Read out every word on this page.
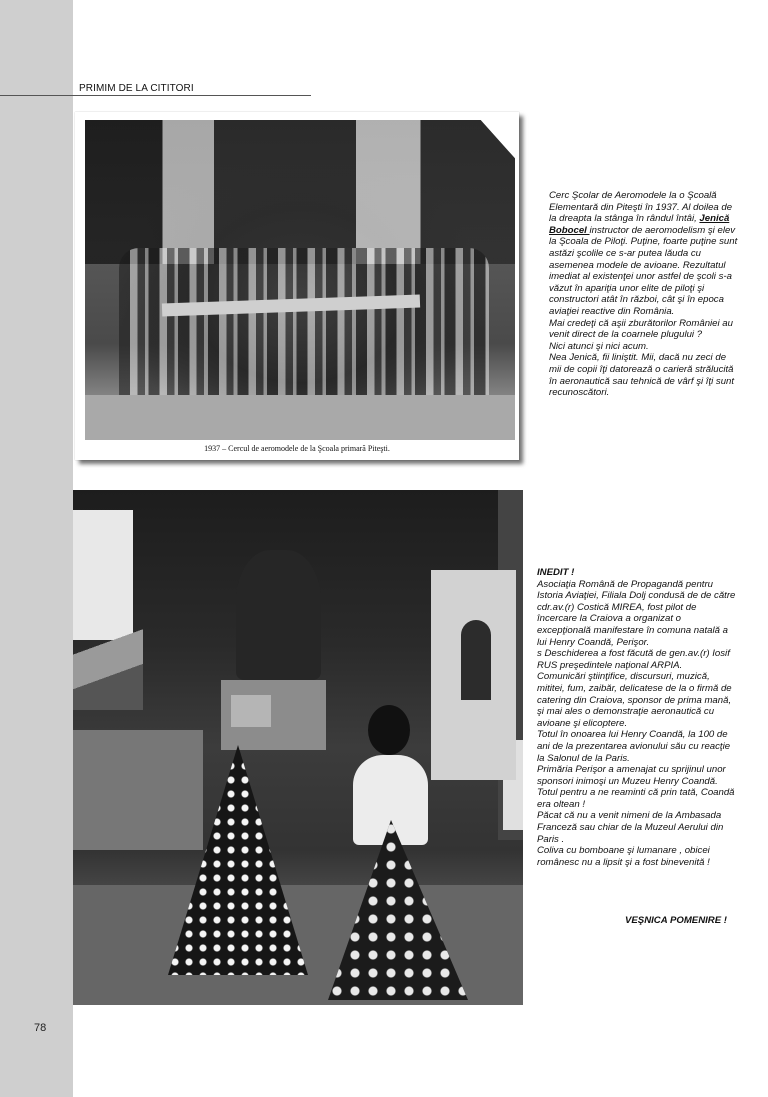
PRIMIM DE LA CITITORI
1937 – Cercul de aeromodele de la Şcoala primară Piteşti.

Cerc Şcolar de Aeromodele la o Şcoală Elementară din Piteşti în 1937. Al doilea de la dreapta la stânga în rândul întâi, Jenică Bobocel instructor de aeromodelism şi elev la Şcoala de Piloţi. Puţine, foarte puţine sunt astăzi şcolile ce s-ar putea lăuda cu asemenea modele de avioane. Rezultatul imediat al existenţei unor astfel de şcoli s-a văzut în apariţia unor elite de piloţi şi

constructori atât în război, cât şi în epoca aviaţiei reactive din România.

Mai credeţi că aşii zburătorilor României au venit direct de la coarnele plugului ?

Nici atunci şi nici acum.

Nea Jenică, fii liniştit. Mii, dacă nu zeci de mii de copii îţi datorează o carieră strălucită în aeronautică sau tehnică de vârf şi îţi sunt recunoscători.

INEDIT !

Asociaţia Română de Propagandă pentru Istoria Aviaţiei, Filiala Dolj condusă de de către cdr.av.(r) Costică MIREA, fost pilot de încercare la Craiova a organizat o excepţională manifestare în comuna natală a lui Henry Coandă, Perişor.

s Deschiderea a fost făcută de gen.av.(r) Iosif RUS preşedintele naţional ARPIA.

Comunicări ştiinţifice, discursuri, muzică, mititei, fum, zaibăr, delicatese de la o firmă de catering din Craiova, sponsor de prima mană, şi mai ales o demonstraţie aeronautică cu avioane şi elicoptere.

Totul în onoarea lui Henry Coandă, la 100 de ani de la prezentarea avionului său cu reacţie la Salonul de la Paris.

Primăria Perişor a amenajat cu sprijinul unor sponsori inimoşi un Muzeu Henry Coandă. Totul pentru a ne reaminti că prin tată, Coandă era oltean !

Păcat că nu a venit nimeni de la Ambasada Franceză sau chiar de la Muzeul Aerului din Paris .

Coliva cu bomboane şi lumanare , obicei românesc nu a lipsit şi a fost binevenită !

VEŞNICA POMENIRE !
78
